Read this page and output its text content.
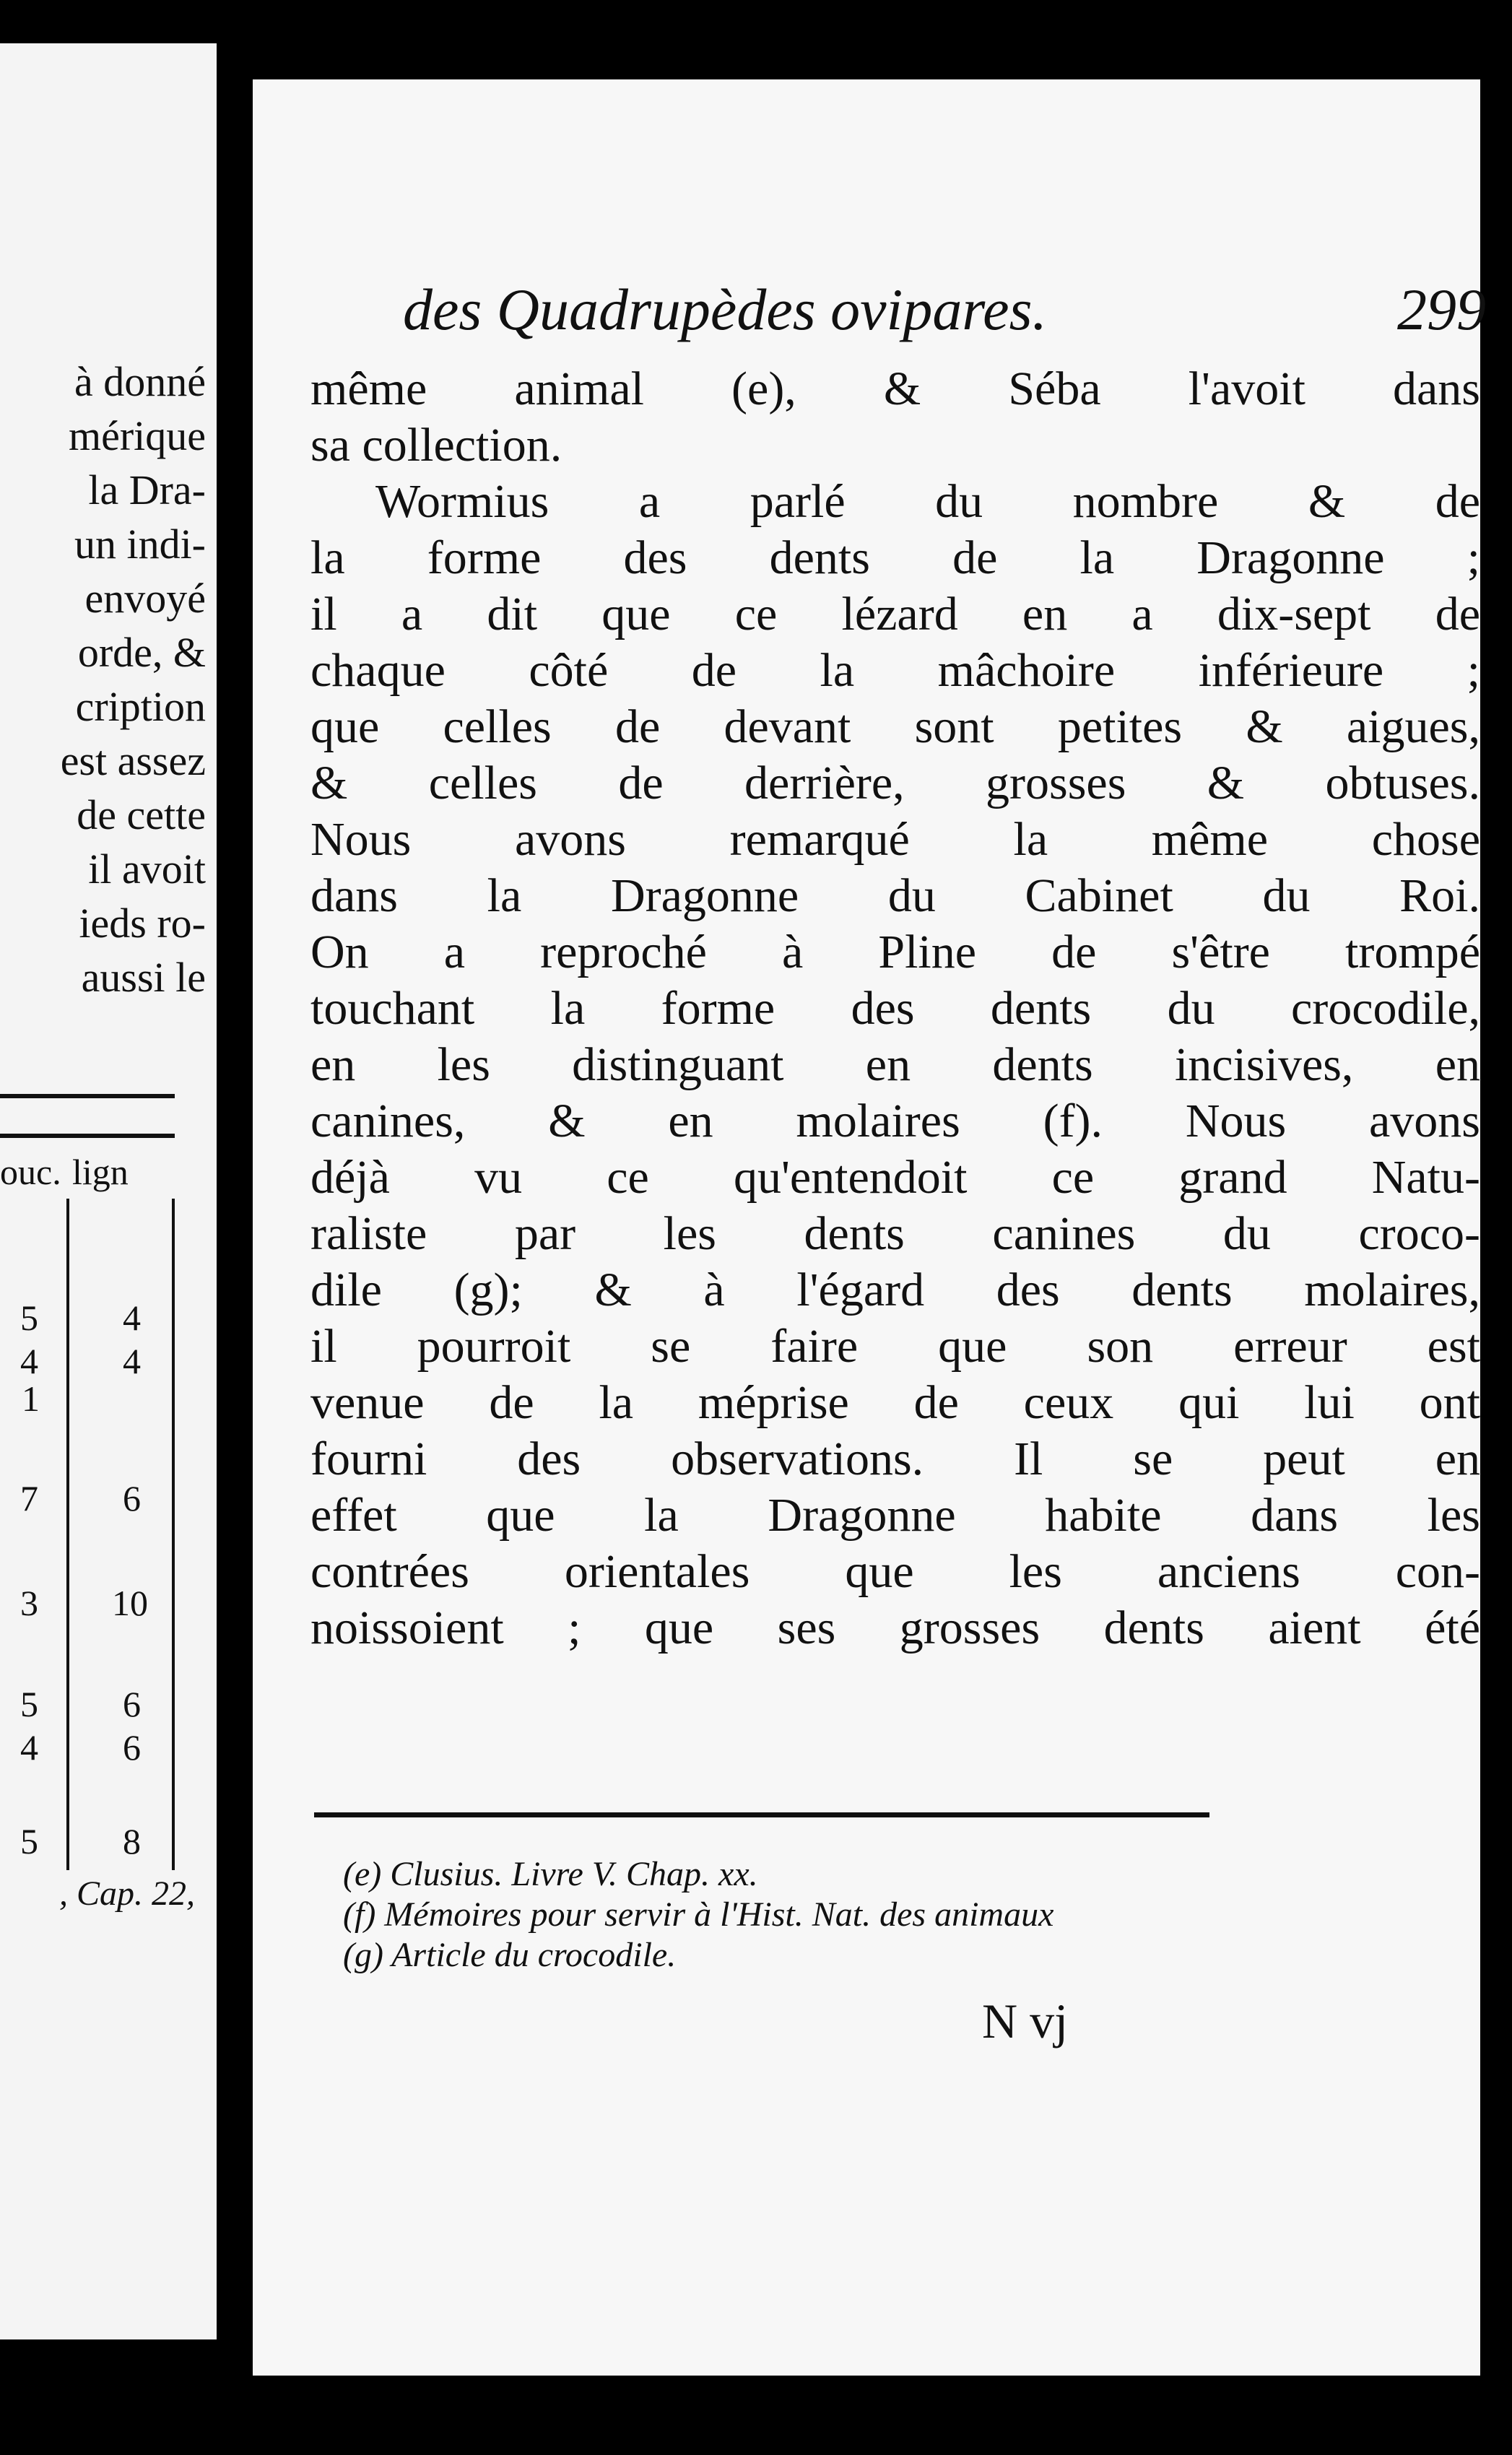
à donné
mérique
la Dra-
un indi-
envoyé
orde, &
cription
est assez
de cette
il avoit
ieds ro-
aussi le
ouc. lign
5 4
4 4
1
7 6
3 10
5 6
4 6
5 8
, Cap. 22,
des Quadrupèdes ovipares.	299
même animal (e), & Séba l'avoit dans
sa collection.
Wormius a parlé du nombre & de
la forme des dents de la Dragonne ;
il a dit que ce lézard en a dix-sept de
chaque côté de la mâchoire inférieure ;
que celles de devant sont petites & aigues,
& celles de derrière, grosses & obtuses.
Nous avons remarqué la même chose
dans la Dragonne du Cabinet du Roi.
On a reproché à Pline de s'être trompé
touchant la forme des dents du crocodile,
en les distinguant en dents incisives, en
canines, & en molaires (f). Nous avons
déjà vu ce qu'entendoit ce grand Natu-
raliste par les dents canines du croco-
dile (g); & à l'égard des dents molaires,
il pourroit se faire que son erreur est
venue de la méprise de ceux qui lui ont
fourni des observations. Il se peut en
effet que la Dragonne habite dans les
contrées orientales que les anciens con-
noissoient ; que ses grosses dents aient été
(e) Clusius. Livre V. Chap. xx.
(f) Mémoires pour servir à l'Hist. Nat. des animaux
(g) Article du crocodile.
N vj
